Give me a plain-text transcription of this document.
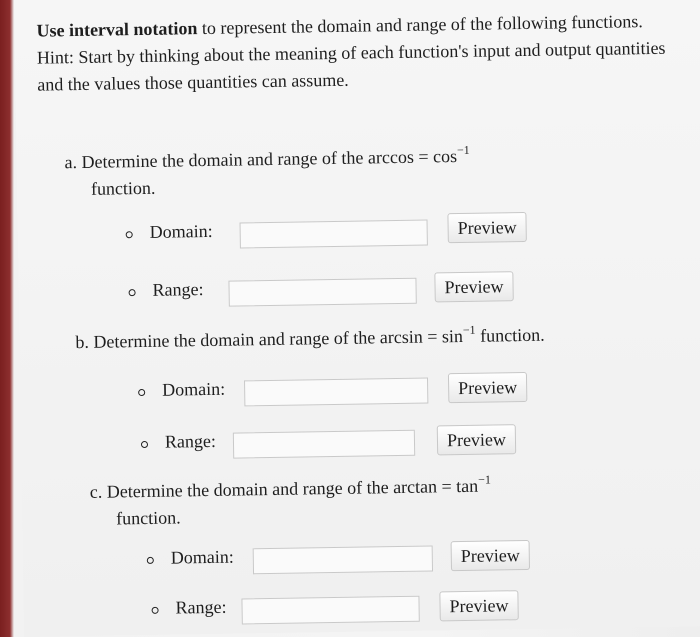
Use interval notation to represent the domain and range of the following functions. Hint: Start by thinking about the meaning of each function's input and output quantities and the values those quantities can assume.
a. Determine the domain and range of the $\arccos = \cos^{-1}$
function.
Domain:	Preview
Range:	Preview
b. Determine the domain and range of the $\arcsin = \sin^{-1}$ function.
Domain:	Preview
Range:	Preview
c. Determine the domain and range of the $\arctan = \tan^{-1}$
function.
Domain:	Preview
Range:	Preview
